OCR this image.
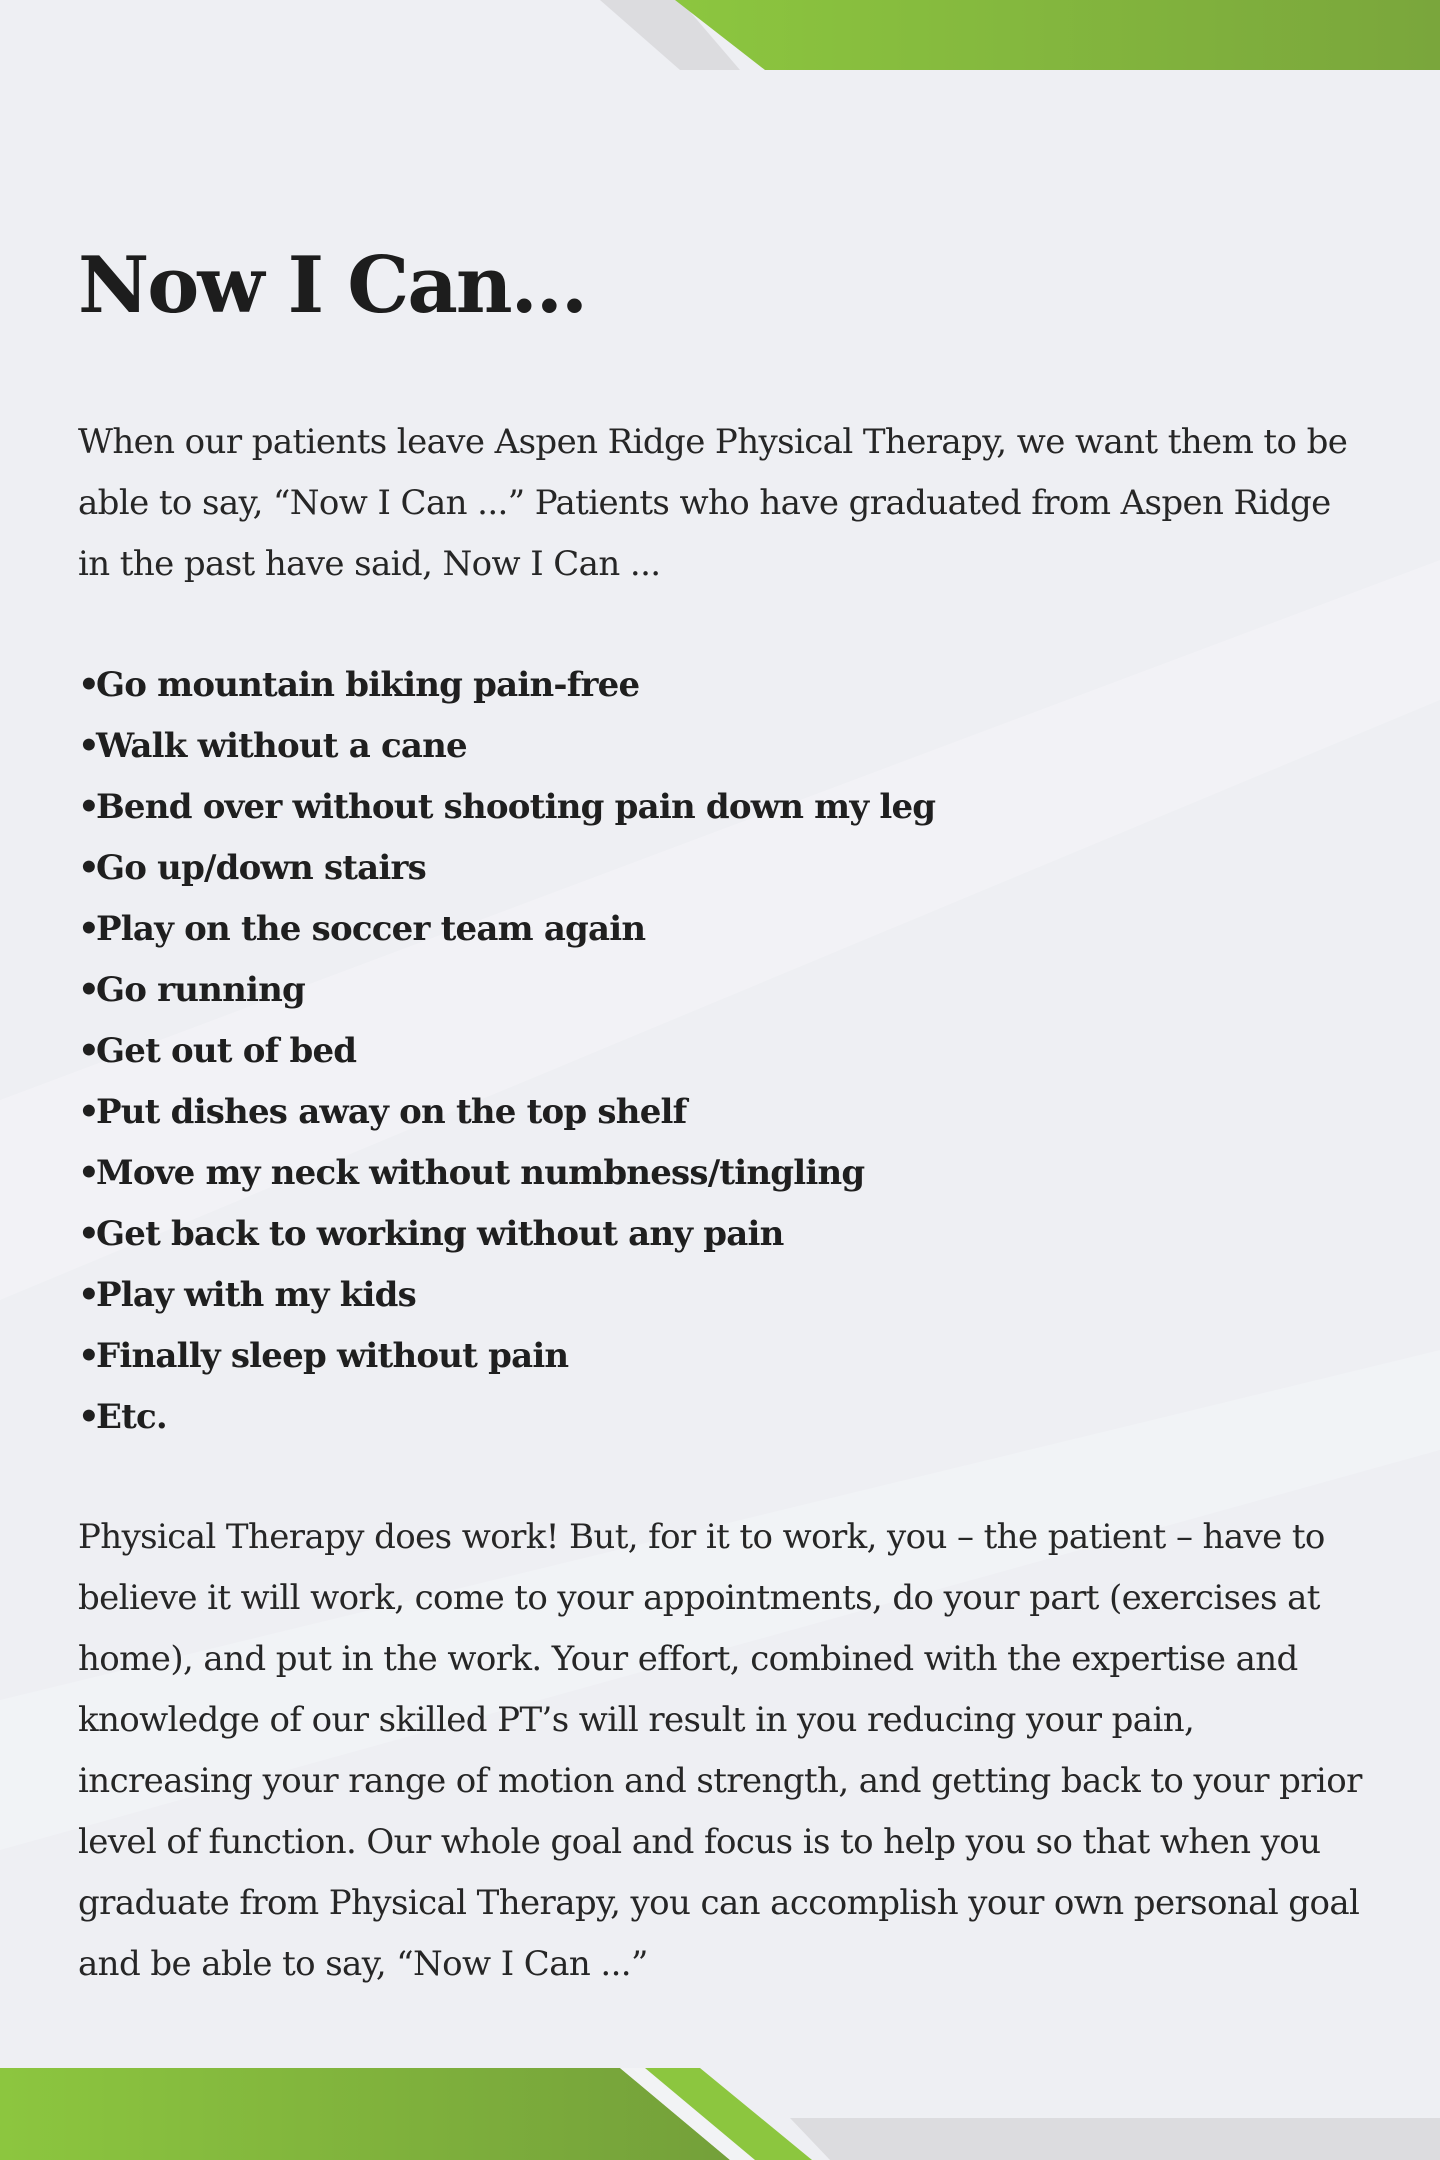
Now I Can...

When our patients leave Aspen Ridge Physical Therapy, we want them to be able to say, “Now I Can ...” Patients who have graduated from Aspen Ridge in the past have said, Now I Can ...

•Go mountain biking pain-free
•Walk without a cane
•Bend over without shooting pain down my leg
•Go up/down stairs
•Play on the soccer team again
•Go running
•Get out of bed
•Put dishes away on the top shelf
•Move my neck without numbness/tingling
•Get back to working without any pain
•Play with my kids
•Finally sleep without pain
•Etc.

Physical Therapy does work! But, for it to work, you – the patient – have to believe it will work, come to your appointments, do your part (exercises at home), and put in the work. Your effort, combined with the expertise and knowledge of our skilled PT’s will result in you reducing your pain, increasing your range of motion and strength, and getting back to your prior level of function. Our whole goal and focus is to help you so that when you graduate from Physical Therapy, you can accomplish your own personal goal and be able to say, “Now I Can ...”
